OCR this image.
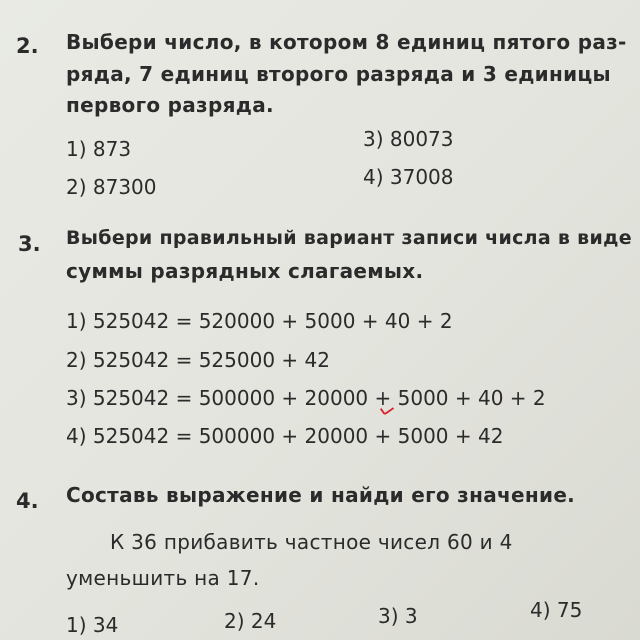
2. Выбери число, в котором 8 единиц пятого раз-
ряда, 7 единиц второго разряда и 3 единицы
первого разряда.
1) 873
2) 87300
3) 80073
4) 37008
3. Выбери правильный вариант записи числа в виде
суммы разрядных слагаемых.
1) 525042 = 520000 + 5000 + 40 + 2
2) 525042 = 525000 + 42
3) 525042 = 500000 + 20000 + 5000 + 40 + 2
4) 525042 = 500000 + 20000 + 5000 + 42
4. Составь выражение и найди его значение.
К 36 прибавить частное чисел 60 и 4
уменьшить на 17.
1) 34	2) 24	3) 3	4) 75
